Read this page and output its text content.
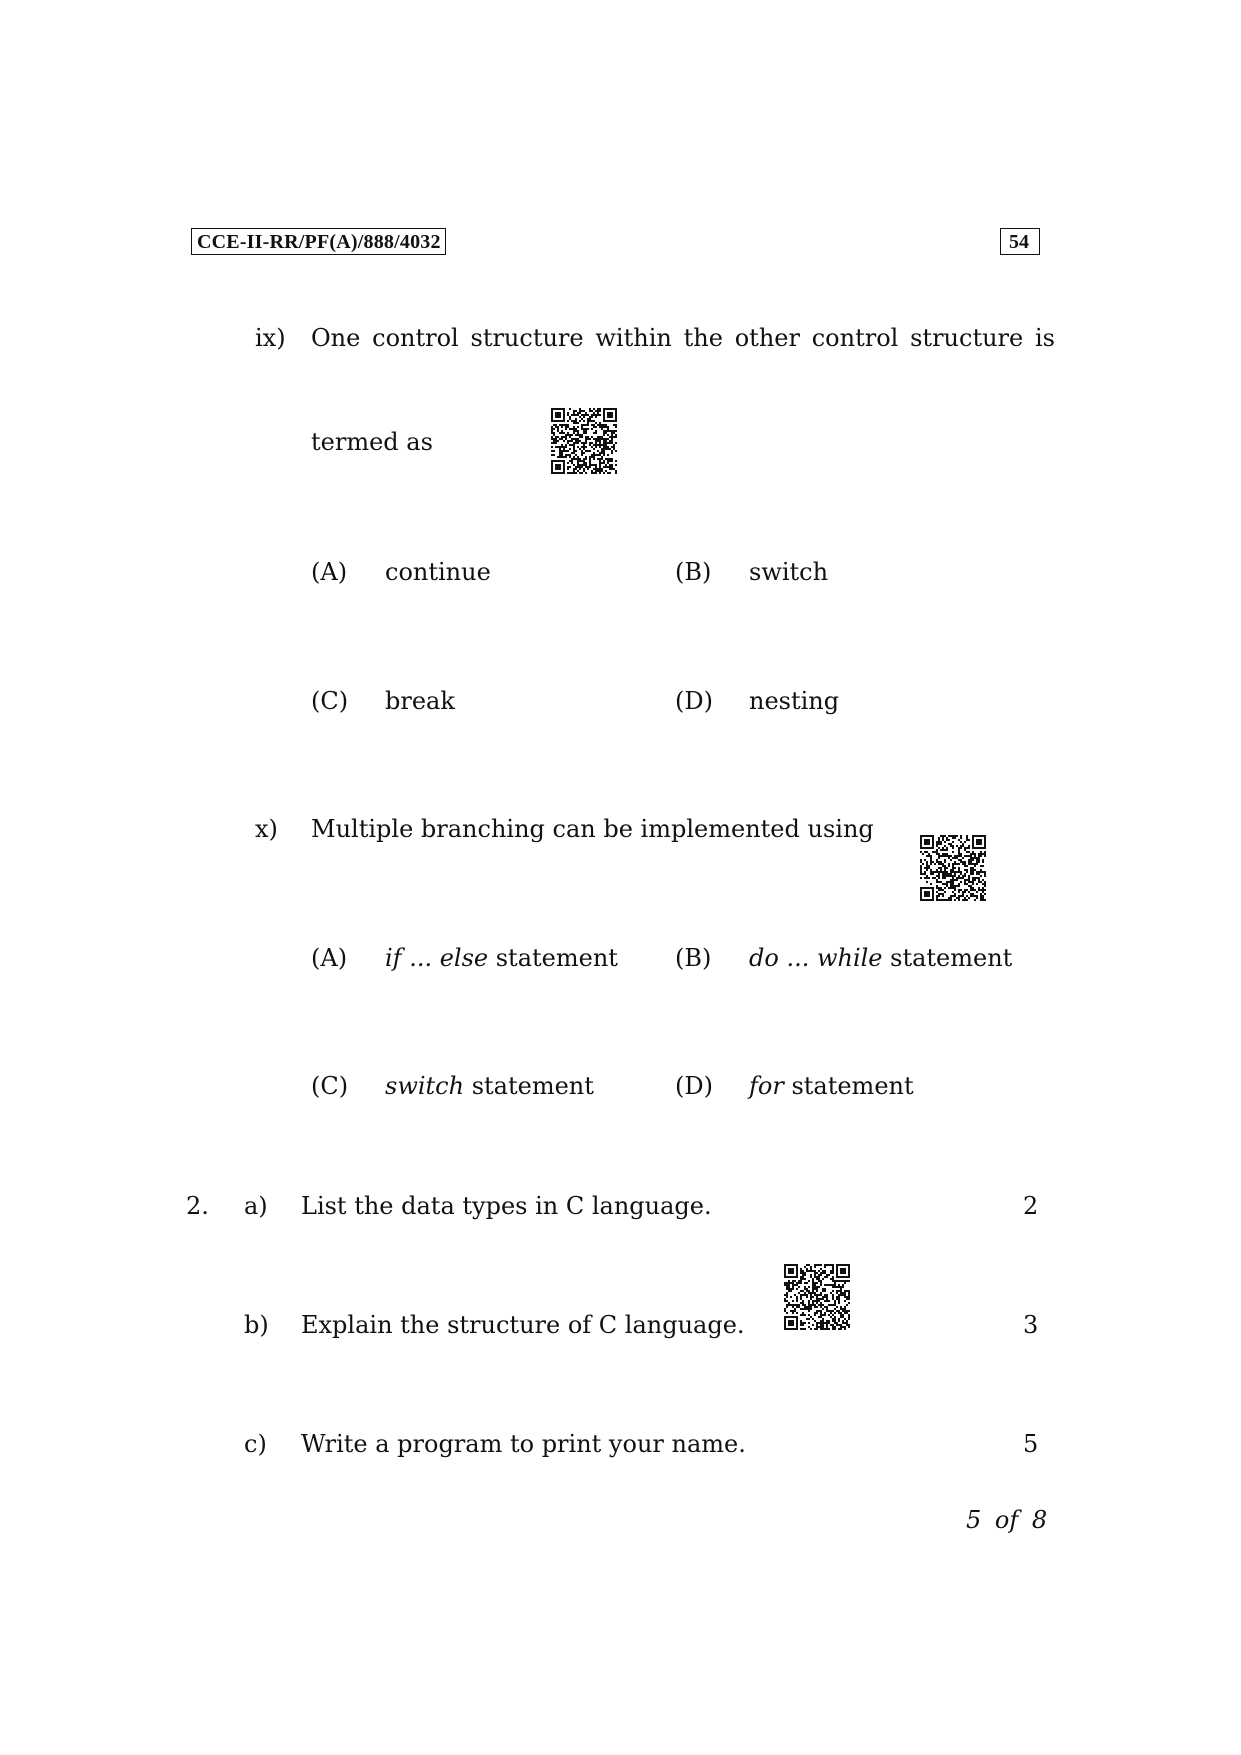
CCE-II-RR/PF(A)/888/4032	54
ix) One control structure within the other control structure is
termed as
(A) continue	(B) switch
(C) break	(D) nesting
x) Multiple branching can be implemented using
(A) if ... else statement (B) do ... while statement
(C) switch statement	(D) for statement
2. a) List the data types in C language.	2
b) Explain the structure of C language.	3
c) Write a program to print your name.	5
5 of 8
